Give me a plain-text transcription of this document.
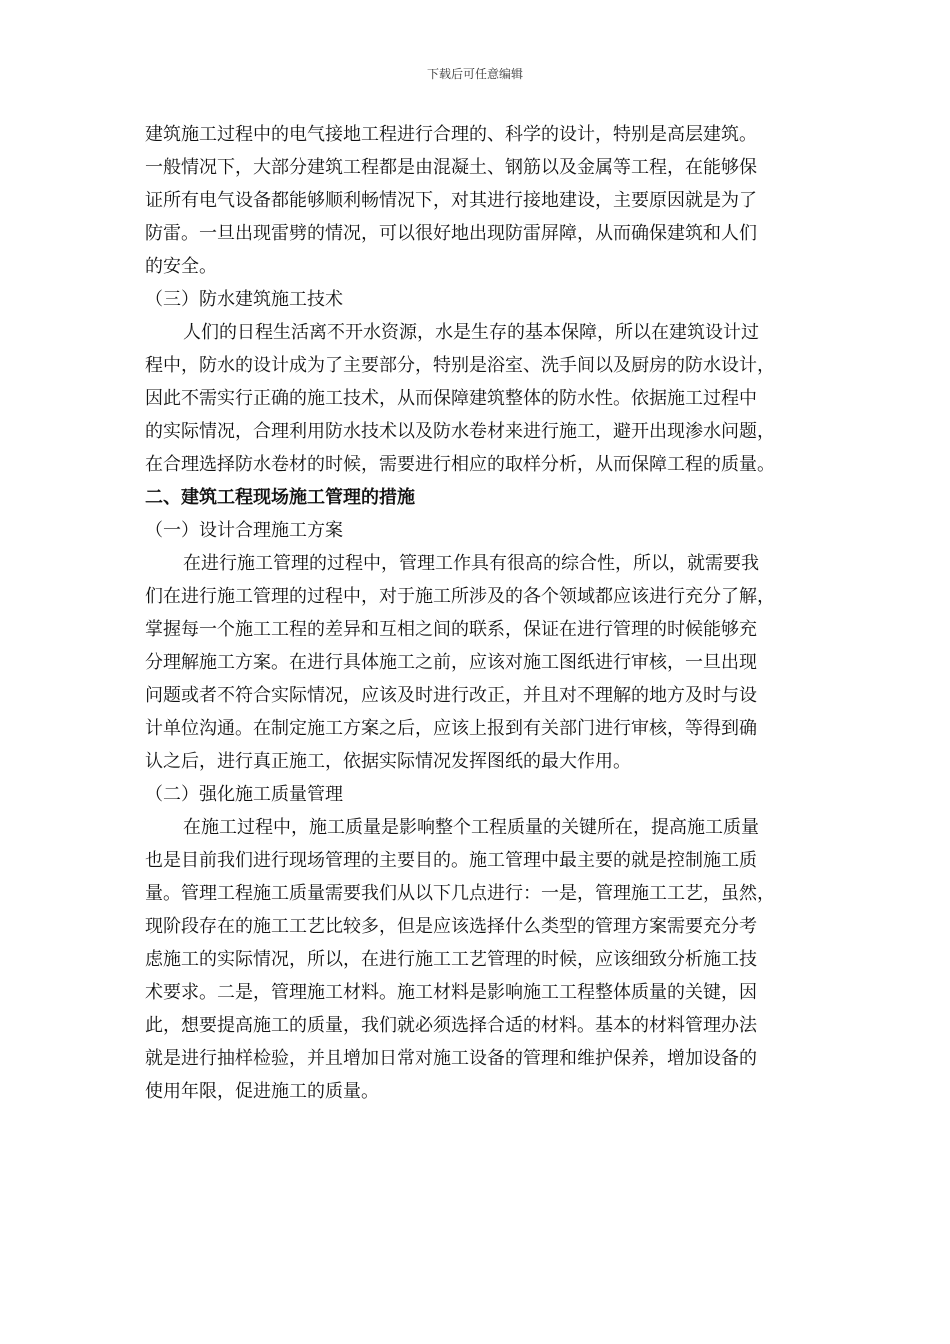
下载后可任意编辑
建筑施工过程中的电气接地工程进行合理的、科学的设计，特别是高层建筑。
一般情况下，大部分建筑工程都是由混凝土、钢筋以及金属等工程，在能够保
证所有电气设备都能够顺利畅情况下，对其进行接地建设，主要原因就是为了
防雷。一旦出现雷劈的情况，可以很好地出现防雷屏障，从而确保建筑和人们
的安全。
（三）防水建筑施工技术
人们的日程生活离不开水资源，水是生存的基本保障，所以在建筑设计过
程中，防水的设计成为了主要部分，特别是浴室、洗手间以及厨房的防水设计，
因此不需实行正确的施工技术，从而保障建筑整体的防水性。依据施工过程中
的实际情况，合理利用防水技术以及防水卷材来进行施工，避开出现渗水问题，
在合理选择防水卷材的时候，需要进行相应的取样分析，从而保障工程的质量。
二、建筑工程现场施工管理的措施
（一）设计合理施工方案
在进行施工管理的过程中，管理工作具有很高的综合性，所以，就需要我
们在进行施工管理的过程中，对于施工所涉及的各个领域都应该进行充分了解，
掌握每一个施工工程的差异和互相之间的联系，保证在进行管理的时候能够充
分理解施工方案。在进行具体施工之前，应该对施工图纸进行审核，一旦出现
问题或者不符合实际情况，应该及时进行改正，并且对不理解的地方及时与设
计单位沟通。在制定施工方案之后，应该上报到有关部门进行审核，等得到确
认之后，进行真正施工，依据实际情况发挥图纸的最大作用。
（二）强化施工质量管理
在施工过程中，施工质量是影响整个工程质量的关键所在，提高施工质量
也是目前我们进行现场管理的主要目的。施工管理中最主要的就是控制施工质
量。管理工程施工质量需要我们从以下几点进行：一是，管理施工工艺，虽然，
现阶段存在的施工工艺比较多，但是应该选择什么类型的管理方案需要充分考
虑施工的实际情况，所以，在进行施工工艺管理的时候，应该细致分析施工技
术要求。二是，管理施工材料。施工材料是影响施工工程整体质量的关键，因
此，想要提高施工的质量，我们就必须选择合适的材料。基本的材料管理办法
就是进行抽样检验，并且增加日常对施工设备的管理和维护保养，增加设备的
使用年限，促进施工的质量。
